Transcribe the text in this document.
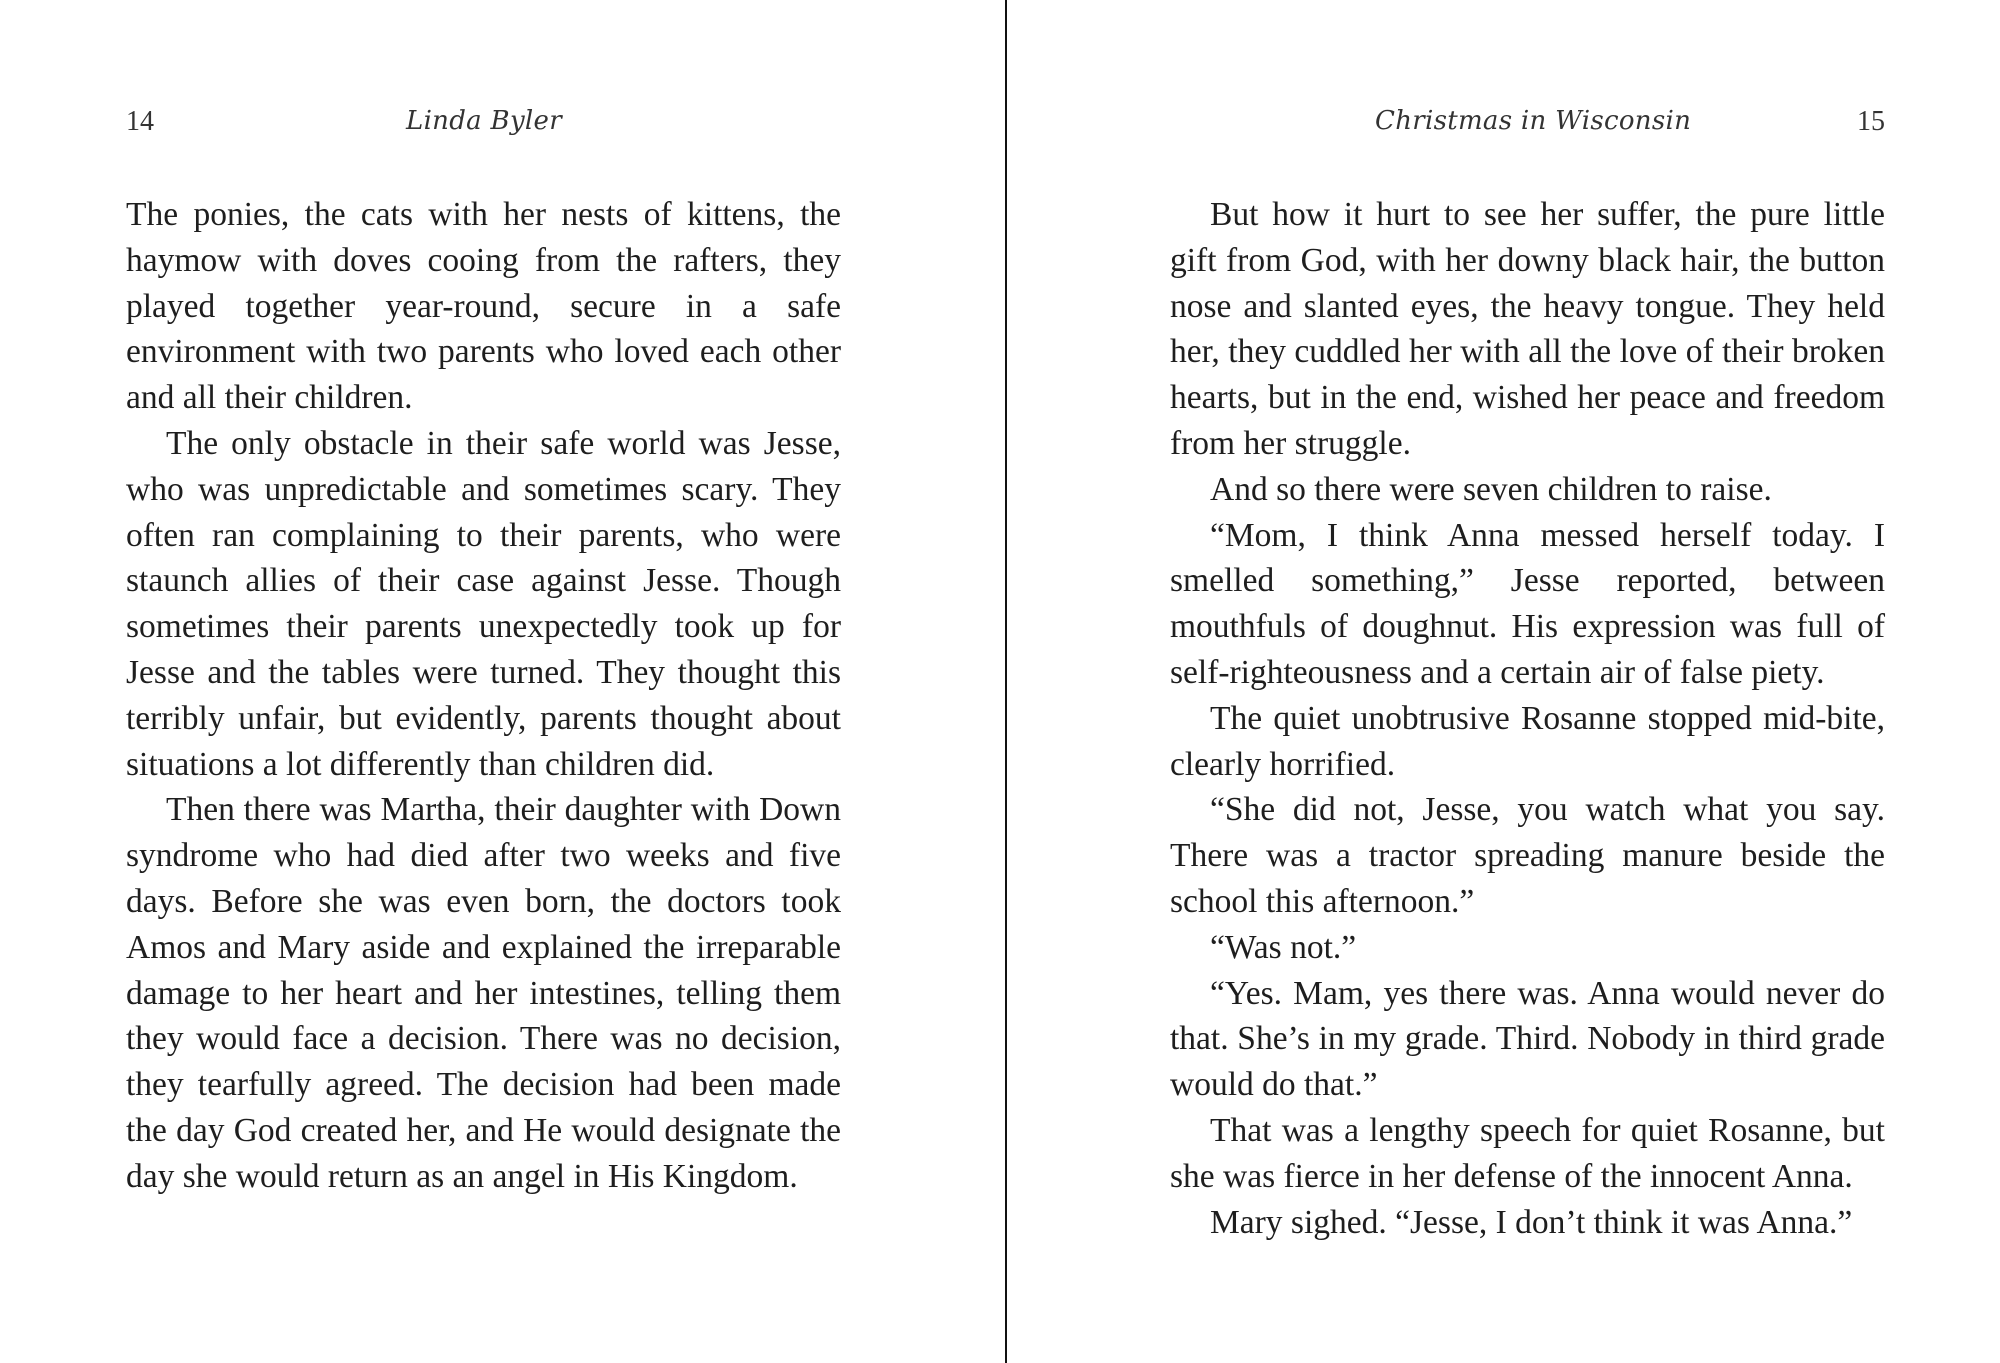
14	Linda Byler

The ponies, the cats with her nests of kittens, the haymow with doves cooing from the rafters, they played together year-round, secure in a safe environment with two parents who loved each other and all their children.

The only obstacle in their safe world was Jesse, who was unpredictable and sometimes scary. They often ran complaining to their parents, who were staunch allies of their case against Jesse. Though sometimes their parents unexpectedly took up for Jesse and the tables were turned. They thought this terribly unfair, but evidently, parents thought about situations a lot differently than children did.

Then there was Martha, their daughter with Down syndrome who had died after two weeks and five days. Before she was even born, the doctors took Amos and Mary aside and explained the irreparable damage to her heart and her intestines, telling them they would face a decision. There was no decision, they tearfully agreed. The decision had been made the day God created her, and He would designate the day she would return as an angel in His Kingdom.

Christmas in Wisconsin	15

But how it hurt to see her suffer, the pure little gift from God, with her downy black hair, the button nose and slanted eyes, the heavy tongue. They held her, they cuddled her with all the love of their broken hearts, but in the end, wished her peace and freedom from her struggle.

And so there were seven children to raise.

“Mom, I think Anna messed herself today. I smelled something,” Jesse reported, between mouthfuls of doughnut. His expression was full of self-righteousness and a certain air of false piety.

The quiet unobtrusive Rosanne stopped mid-bite, clearly horrified.

“She did not, Jesse, you watch what you say. There was a tractor spreading manure beside the school this afternoon.”

“Was not.”

“Yes. Mam, yes there was. Anna would never do that. She’s in my grade. Third. Nobody in third grade would do that.”

That was a lengthy speech for quiet Rosanne, but she was fierce in her defense of the innocent Anna.

Mary sighed. “Jesse, I don’t think it was Anna.”
